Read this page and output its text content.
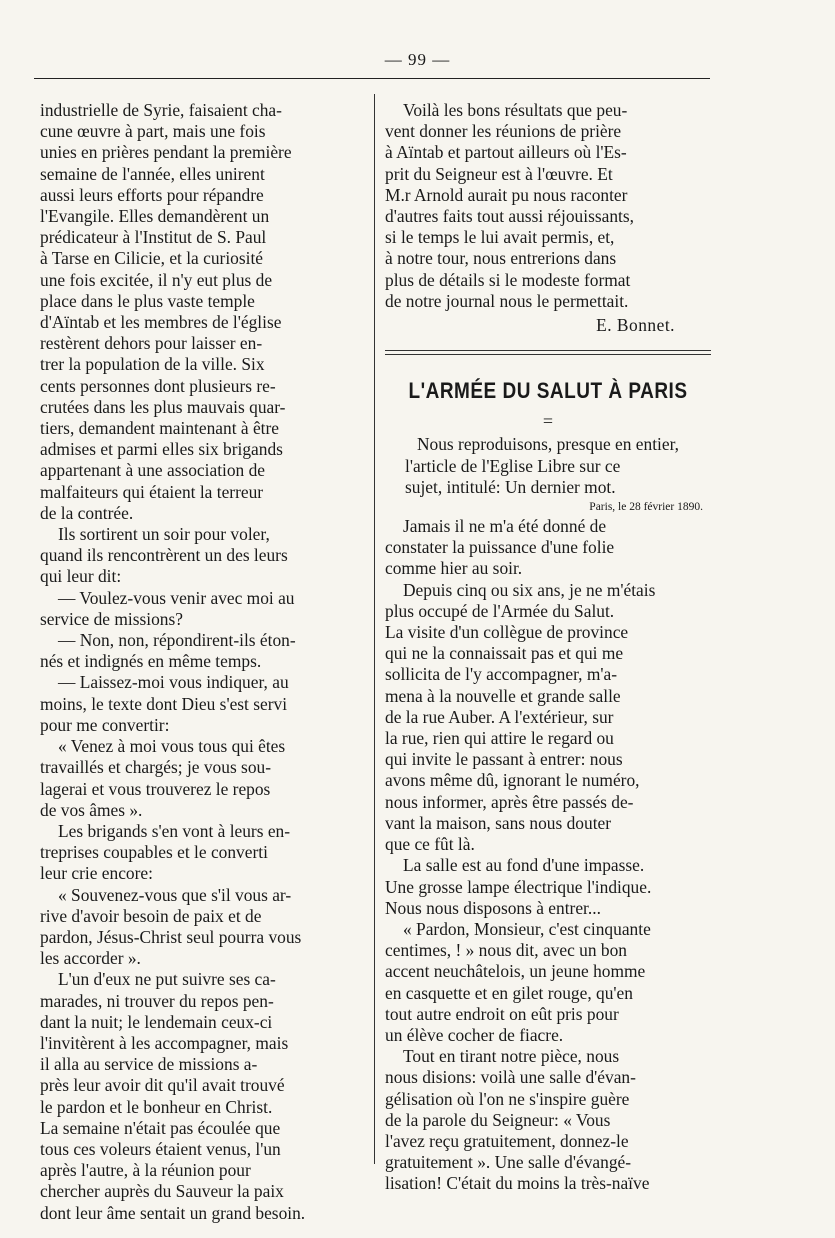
— 99 —

industrielle de Syrie, faisaient cha-
cune œuvre à part, mais une fois
unies en prières pendant la première
semaine de l'année, elles unirent
aussi leurs efforts pour répandre
l'Evangile. Elles demandèrent un
prédicateur à l'Institut de S. Paul
à Tarse en Cilicie, et la curiosité
une fois excitée, il n'y eut plus de
place dans le plus vaste temple
d'Aïntab et les membres de l'église
restèrent dehors pour laisser en-
trer la population de la ville. Six
cents personnes dont plusieurs re-
crutées dans les plus mauvais quar-
tiers, demandent maintenant à être
admises et parmi elles six brigands
appartenant à une association de
malfaiteurs qui étaient la terreur
de la contrée.

Ils sortirent un soir pour voler,
quand ils rencontrèrent un des leurs
qui leur dit:

— Voulez-vous venir avec moi au
service de missions?

— Non, non, répondirent-ils éton-
nés et indignés en même temps.

— Laissez-moi vous indiquer, au
moins, le texte dont Dieu s'est servi
pour me convertir:

« Venez à moi vous tous qui êtes
travaillés et chargés; je vous sou-
lagerai et vous trouverez le repos
de vos âmes ».

Les brigands s'en vont à leurs en-
treprises coupables et le converti
leur crie encore:

« Souvenez-vous que s'il vous ar-
rive d'avoir besoin de paix et de
pardon, Jésus-Christ seul pourra vous
les accorder ».

L'un d'eux ne put suivre ses ca-
marades, ni trouver du repos pen-
dant la nuit; le lendemain ceux-ci
l'invitèrent à les accompagner, mais
il alla au service de missions a-
près leur avoir dit qu'il avait trouvé
le pardon et le bonheur en Christ.
La semaine n'était pas écoulée que
tous ces voleurs étaient venus, l'un
après l'autre, à la réunion pour
chercher auprès du Sauveur la paix
dont leur âme sentait un grand besoin.

Voilà les bons résultats que peu-
vent donner les réunions de prière
à Aïntab et partout ailleurs où l'Es-
prit du Seigneur est à l'œuvre. Et
M.r Arnold aurait pu nous raconter
d'autres faits tout aussi réjouissants,
si le temps le lui avait permis, et,
à notre tour, nous entrerions dans
plus de détails si le modeste format
de notre journal nous le permettait.

E. Bonnet.

L'ARMÉE DU SALUT À PARIS
=

Nous reproduisons, presque en entier,

l'article de l'Eglise Libre sur ce

sujet, intitulé: Un dernier mot.

Paris, le 28 février 1890.

Jamais il ne m'a été donné de
constater la puissance d'une folie
comme hier au soir.

Depuis cinq ou six ans, je ne m'étais
plus occupé de l'Armée du Salut.
La visite d'un collègue de province
qui ne la connaissait pas et qui me
sollicita de l'y accompagner, m'a-
mena à la nouvelle et grande salle
de la rue Auber. A l'extérieur, sur
la rue, rien qui attire le regard ou
qui invite le passant à entrer: nous
avons même dû, ignorant le numéro,
nous informer, après être passés de-
vant la maison, sans nous douter
que ce fût là.

La salle est au fond d'une impasse.
Une grosse lampe électrique l'indique.
Nous nous disposons à entrer...

« Pardon, Monsieur, c'est cinquante
centimes, ! » nous dit, avec un bon
accent neuchâtelois, un jeune homme
en casquette et en gilet rouge, qu'en
tout autre endroit on eût pris pour
un élève cocher de fiacre.

Tout en tirant notre pièce, nous
nous disions: voilà une salle d'évan-
gélisation où l'on ne s'inspire guère
de la parole du Seigneur: « Vous
l'avez reçu gratuitement, donnez-le
gratuitement ». Une salle d'évangé-
lisation! C'était du moins la très-naïve
